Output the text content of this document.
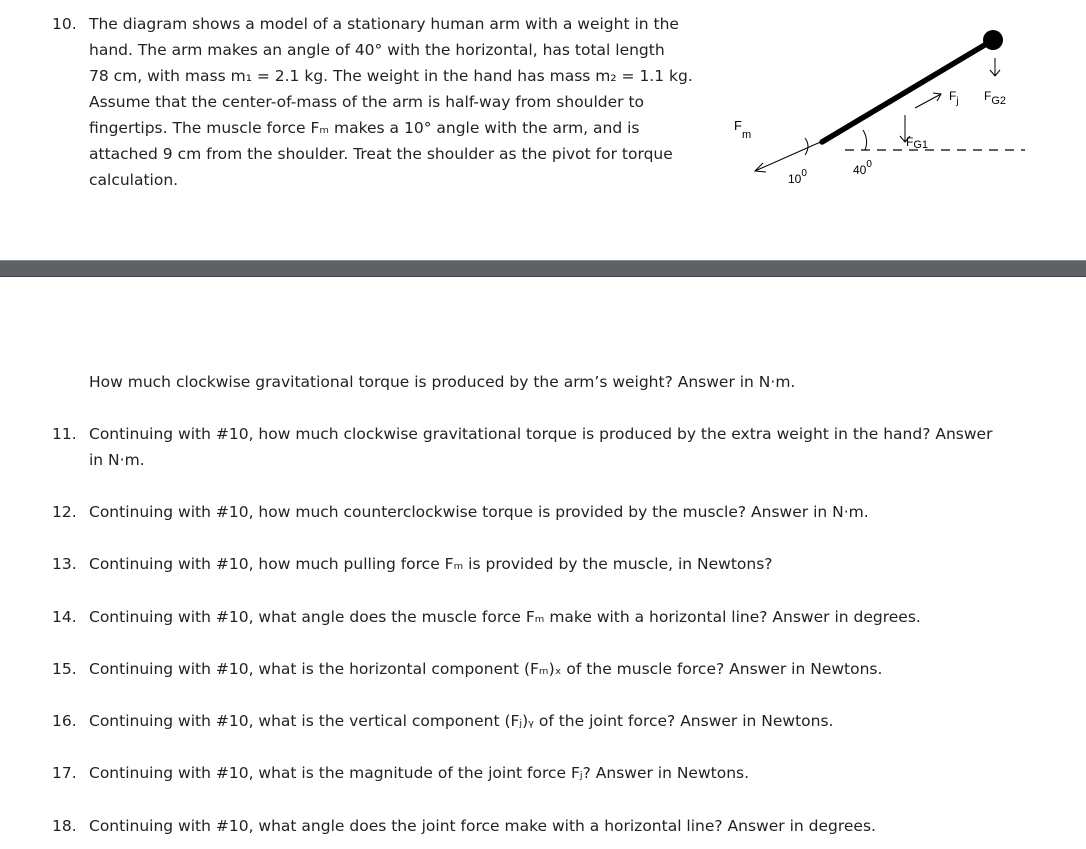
10. The diagram shows a model of a stationary human arm with a weight in the
hand. The arm makes an angle of 40° with the horizontal, has total length
78 cm, with mass m₁ = 2.1 kg. The weight in the hand has mass m₂ = 1.1 kg.
Assume that the center-of-mass of the arm is half-way from shoulder to
fingertips. The muscle force Fₘ makes a 10° angle with the arm, and is
attached 9 cm from the shoulder. Treat the shoulder as the pivot for torque
calculation.
$F_m$
$F_j$
FG1
FG2
$10^0$	$40^0$
How much clockwise gravitational torque is produced by the arm’s weight? Answer in N·m.
11. Continuing with #10, how much clockwise gravitational torque is produced by the extra weight in the hand? Answer
in N·m.
12. Continuing with #10, how much counterclockwise torque is provided by the muscle? Answer in N·m.
13. Continuing with #10, how much pulling force Fₘ is provided by the muscle, in Newtons?
14. Continuing with #10, what angle does the muscle force Fₘ make with a horizontal line? Answer in degrees.
15. Continuing with #10, what is the horizontal component (Fₘ)ₓ of the muscle force? Answer in Newtons.
16. Continuing with #10, what is the vertical component (Fⱼ)ᵧ of the joint force? Answer in Newtons.
17. Continuing with #10, what is the magnitude of the joint force Fⱼ? Answer in Newtons.
18. Continuing with #10, what angle does the joint force make with a horizontal line? Answer in degrees.
